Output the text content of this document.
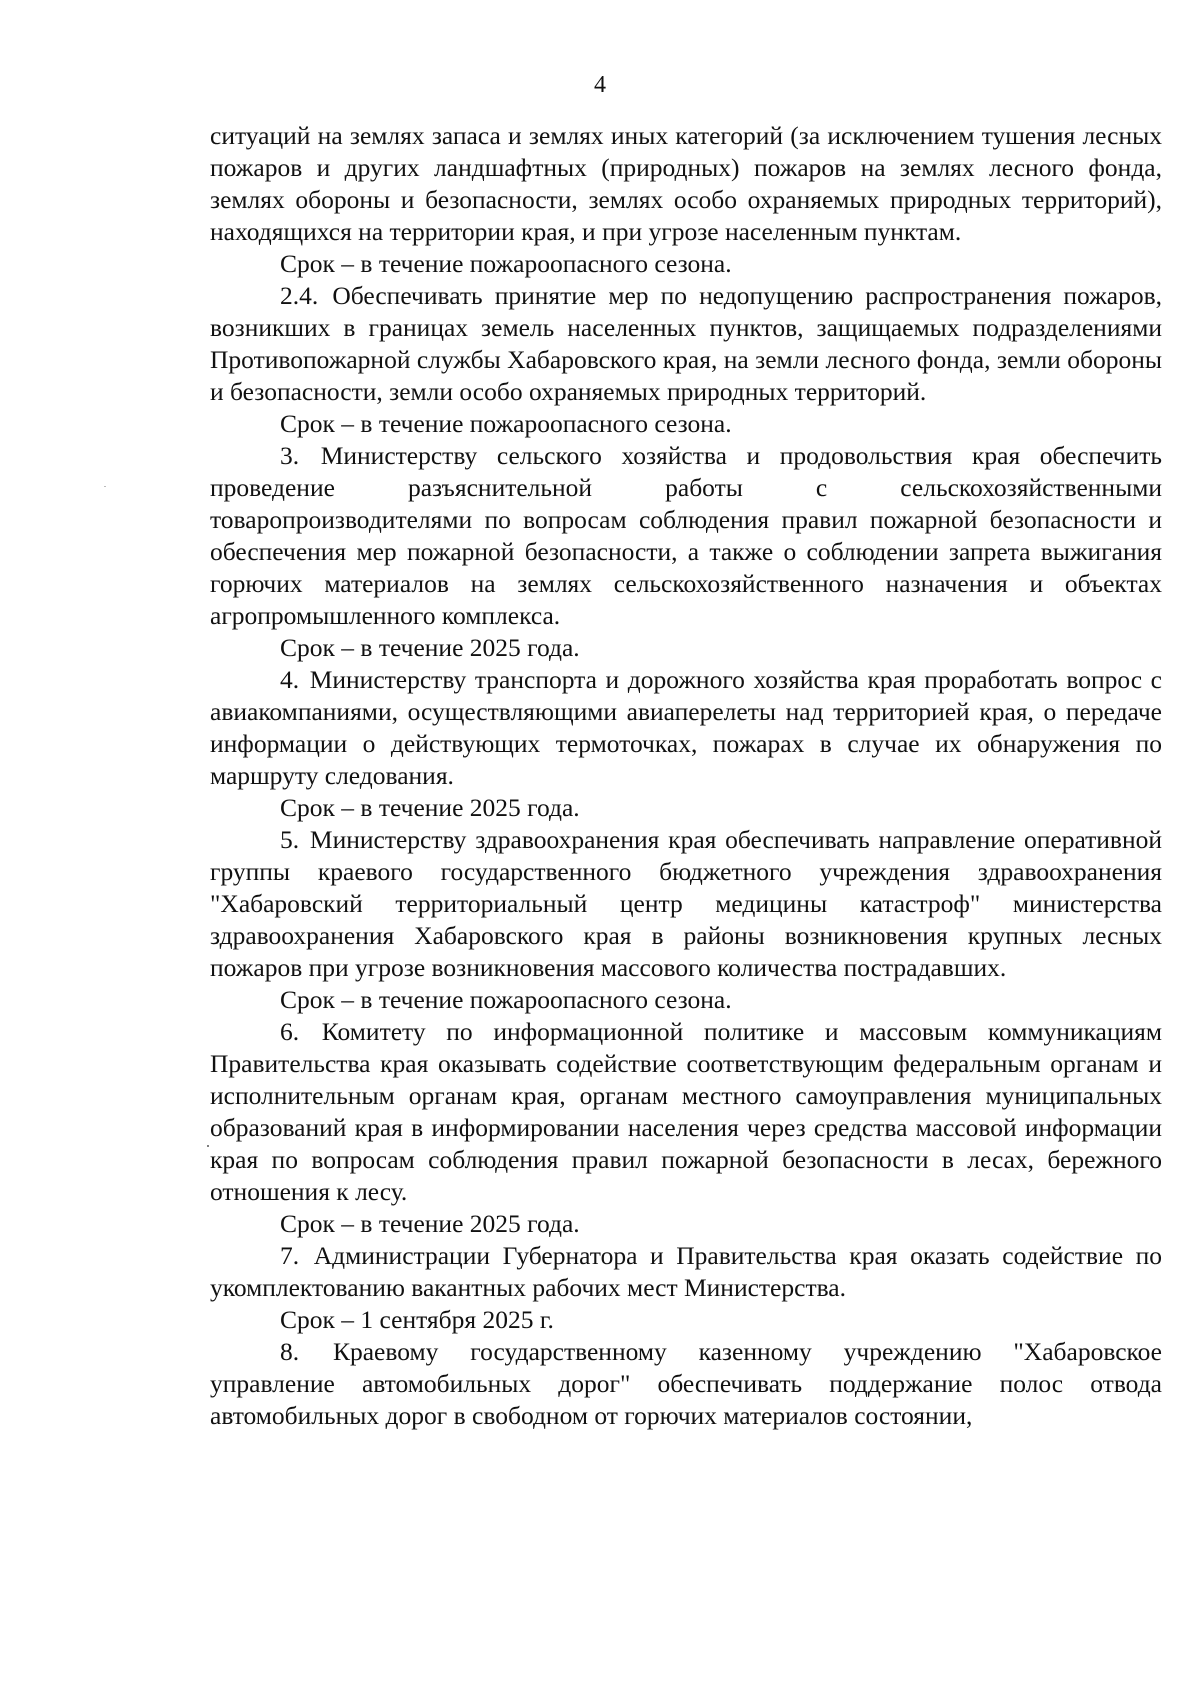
4

ситуаций на землях запаса и землях иных категорий (за исключением тушения лесных пожаров и других ландшафтных (природных) пожаров на землях лесного фонда, землях обороны и безопасности, землях особо охраняемых природных территорий), находящихся на территории края, и при угрозе населенным пунктам.

Срок – в течение пожароопасного сезона.

2.4. Обеспечивать принятие мер по недопущению распространения пожаров, возникших в границах земель населенных пунктов, защищаемых подразделениями Противопожарной службы Хабаровского края, на земли лесного фонда, земли обороны и безопасности, земли особо охраняемых природных территорий.

Срок – в течение пожароопасного сезона.

3. Министерству сельского хозяйства и продовольствия края обеспечить проведение разъяснительной работы с сельскохозяйственными товаропроизводителями по вопросам соблюдения правил пожарной безопасности и обеспечения мер пожарной безопасности, а также о соблюдении запрета выжигания горючих материалов на землях сельскохозяйственного назначения и объектах агропромышленного комплекса.

Срок – в течение 2025 года.

4. Министерству транспорта и дорожного хозяйства края проработать вопрос с авиакомпаниями, осуществляющими авиаперелеты над территорией края, о передаче информации о действующих термоточках, пожарах в случае их обнаружения по маршруту следования.

Срок – в течение 2025 года.

5. Министерству здравоохранения края обеспечивать направление оперативной группы краевого государственного бюджетного учреждения здравоохранения "Хабаровский территориальный центр медицины катастроф" министерства здравоохранения Хабаровского края в районы возникновения крупных лесных пожаров при угрозе возникновения массового количества пострадавших.

Срок – в течение пожароопасного сезона.

6. Комитету по информационной политике и массовым коммуникациям Правительства края оказывать содействие соответствующим федеральным органам и исполнительным органам края, органам местного самоуправления муниципальных образований края в информировании населения через средства массовой информации края по вопросам соблюдения правил пожарной безопасности в лесах, бережного отношения к лесу.

Срок – в течение 2025 года.

7. Администрации Губернатора и Правительства края оказать содействие по укомплектованию вакантных рабочих мест Министерства.

Срок – 1 сентября 2025 г.

8. Краевому государственному казенному учреждению "Хабаровское управление автомобильных дорог" обеспечивать поддержание полос отвода автомобильных дорог в свободном от горючих материалов состоянии,
